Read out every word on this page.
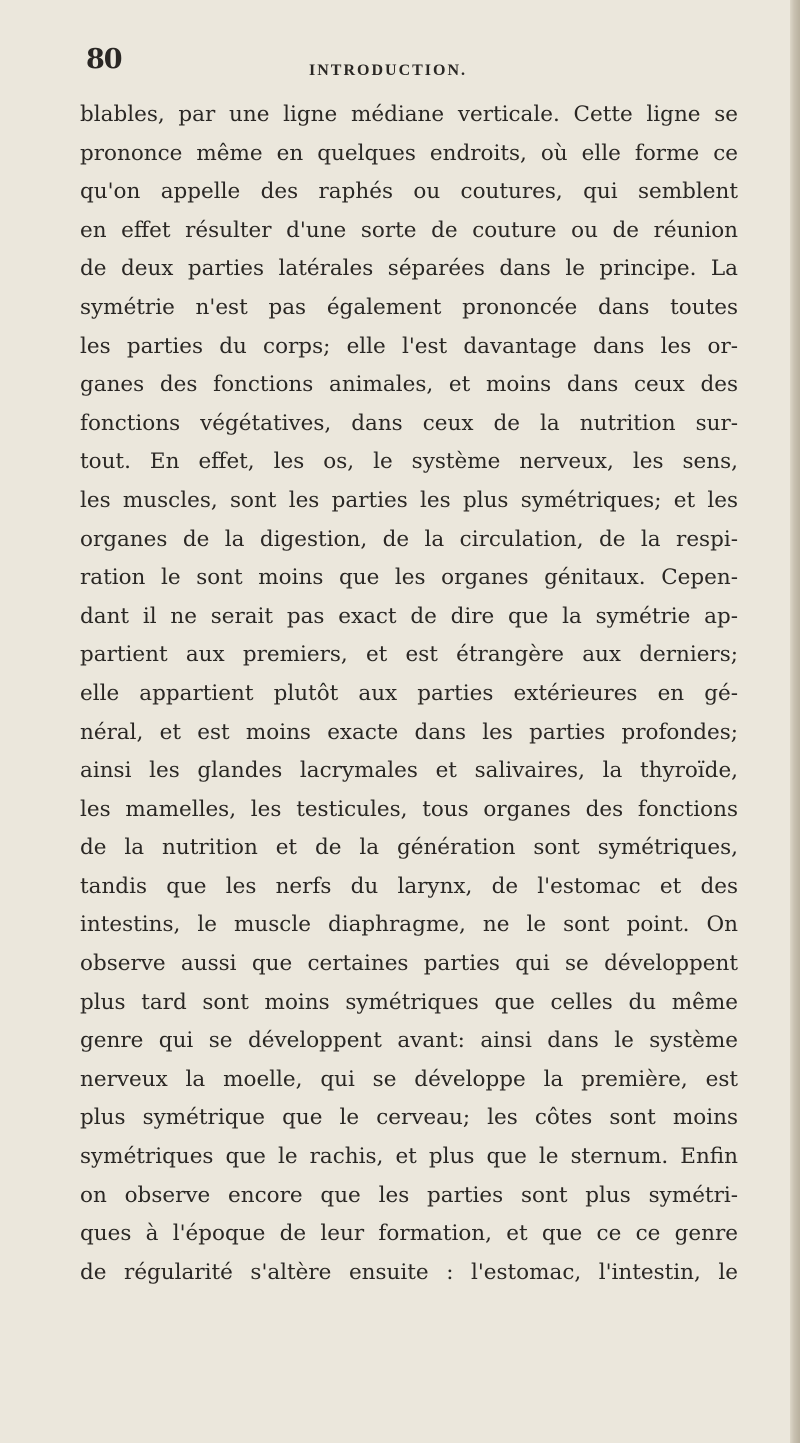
80	INTRODUCTION.
blables, par une ligne médiane verticale. Cette ligne se
prononce même en quelques endroits, où elle forme ce
qu'on appelle des raphés ou coutures, qui semblent
en effet résulter d'une sorte de couture ou de réunion
de deux parties latérales séparées dans le principe. La
symétrie n'est pas également prononcée dans toutes
les parties du corps; elle l'est davantage dans les or-
ganes des fonctions animales, et moins dans ceux des
fonctions végétatives, dans ceux de la nutrition sur-
tout. En effet, les os, le système nerveux, les sens,
les muscles, sont les parties les plus symétriques; et les
organes de la digestion, de la circulation, de la respi-
ration le sont moins que les organes génitaux. Cepen-
dant il ne serait pas exact de dire que la symétrie ap-
partient aux premiers, et est étrangère aux derniers;
elle appartient plutôt aux parties extérieures en gé-
néral, et est moins exacte dans les parties profondes;
ainsi les glandes lacrymales et salivaires, la thyroïde,
les mamelles, les testicules, tous organes des fonctions
de la nutrition et de la génération sont symétriques,
tandis que les nerfs du larynx, de l'estomac et des
intestins, le muscle diaphragme, ne le sont point. On
observe aussi que certaines parties qui se développent
plus tard sont moins symétriques que celles du même
genre qui se développent avant: ainsi dans le système
nerveux la moelle, qui se développe la première, est
plus symétrique que le cerveau; les côtes sont moins
symétriques que le rachis, et plus que le sternum. Enfin
on observe encore que les parties sont plus symétri-
ques à l'époque de leur formation, et que ce ce genre
de régularité s'altère ensuite : l'estomac, l'intestin, le
